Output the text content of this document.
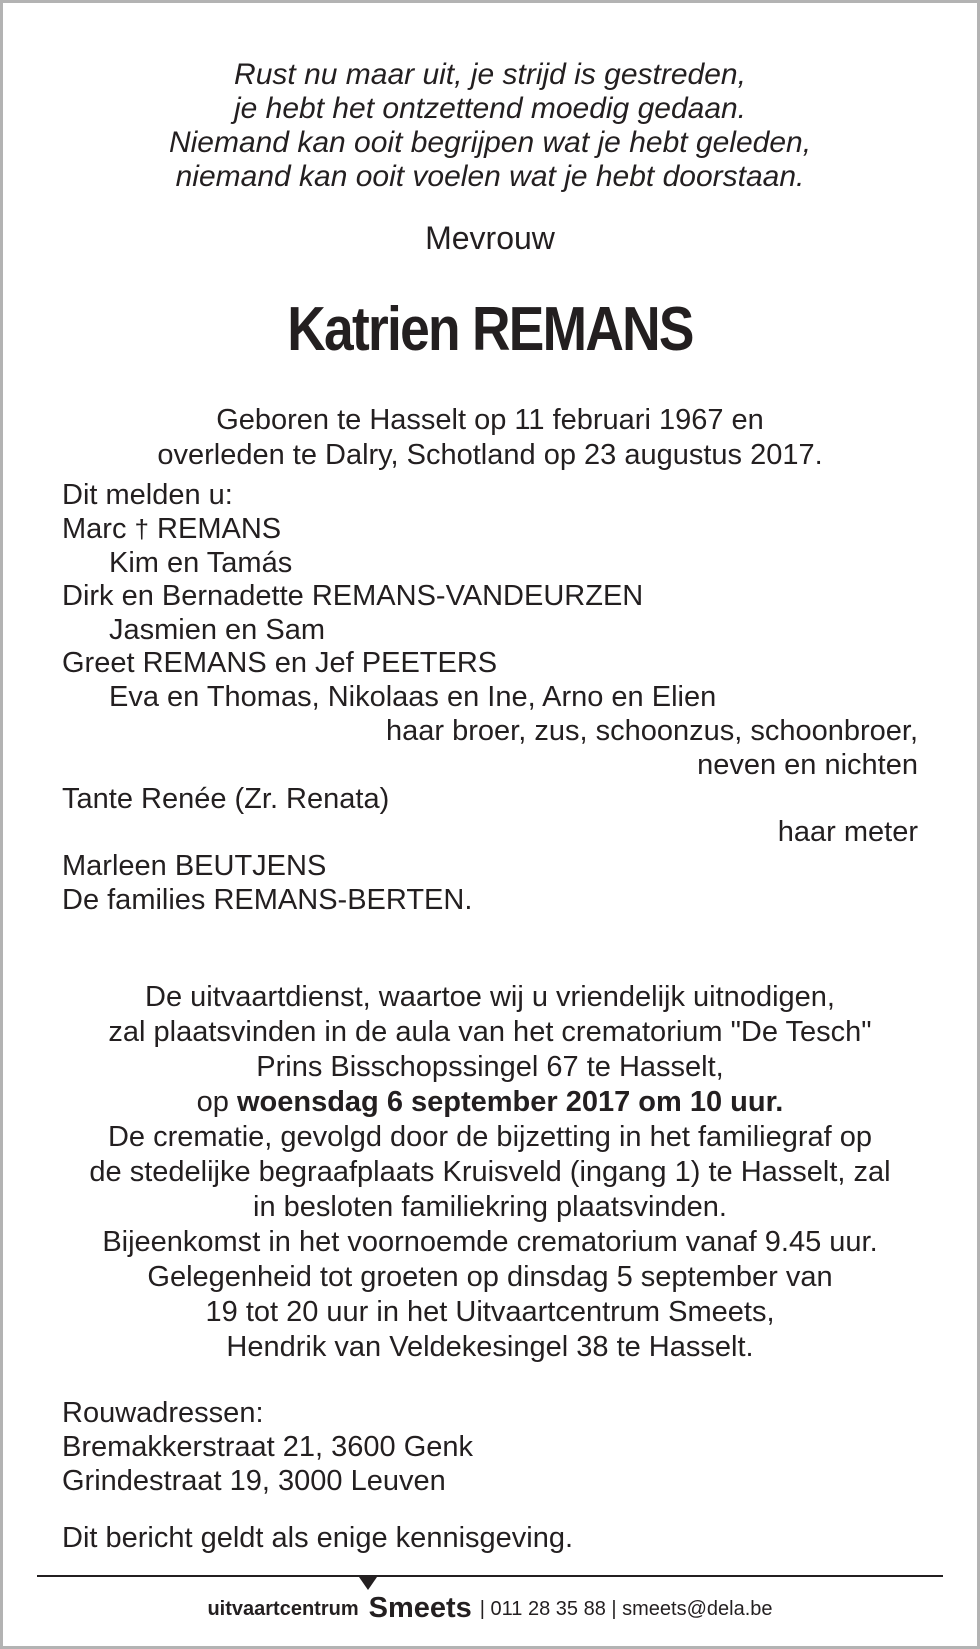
Rust nu maar uit, je strijd is gestreden,
je hebt het ontzettend moedig gedaan.
Niemand kan ooit begrijpen wat je hebt geleden,
niemand kan ooit voelen wat je hebt doorstaan.
Mevrouw
Katrien REMANS
Geboren te Hasselt op 11 februari 1967 en
overleden te Dalry, Schotland op 23 augustus 2017.
Dit melden u:
Marc † REMANS
Kim en Tamás
Dirk en Bernadette REMANS-VANDEURZEN
Jasmien en Sam
Greet REMANS en Jef PEETERS
Eva en Thomas, Nikolaas en Ine, Arno en Elien
haar broer, zus, schoonzus, schoonbroer,
neven en nichten
Tante Renée (Zr. Renata)
haar meter
Marleen BEUTJENS
De families REMANS-BERTEN.
De uitvaartdienst, waartoe wij u vriendelijk uitnodigen,
zal plaatsvinden in de aula van het crematorium "De Tesch"
Prins Bisschopssingel 67 te Hasselt,
op woensdag 6 september 2017 om 10 uur.
De crematie, gevolgd door de bijzetting in het familiegraf op
de stedelijke begraafplaats Kruisveld (ingang 1) te Hasselt, zal
in besloten familiekring plaatsvinden.
Bijeenkomst in het voornoemde crematorium vanaf 9.45 uur.
Gelegenheid tot groeten op dinsdag 5 september van
19 tot 20 uur in het Uitvaartcentrum Smeets,
Hendrik van Veldekesingel 38 te Hasselt.
Rouwadressen:
Bremakkerstraat 21, 3600 Genk
Grindestraat 19, 3000 Leuven
Dit bericht geldt als enige kennisgeving.
uitvaartcentrum Smeets | 011 28 35 88 | smeets@dela.be
